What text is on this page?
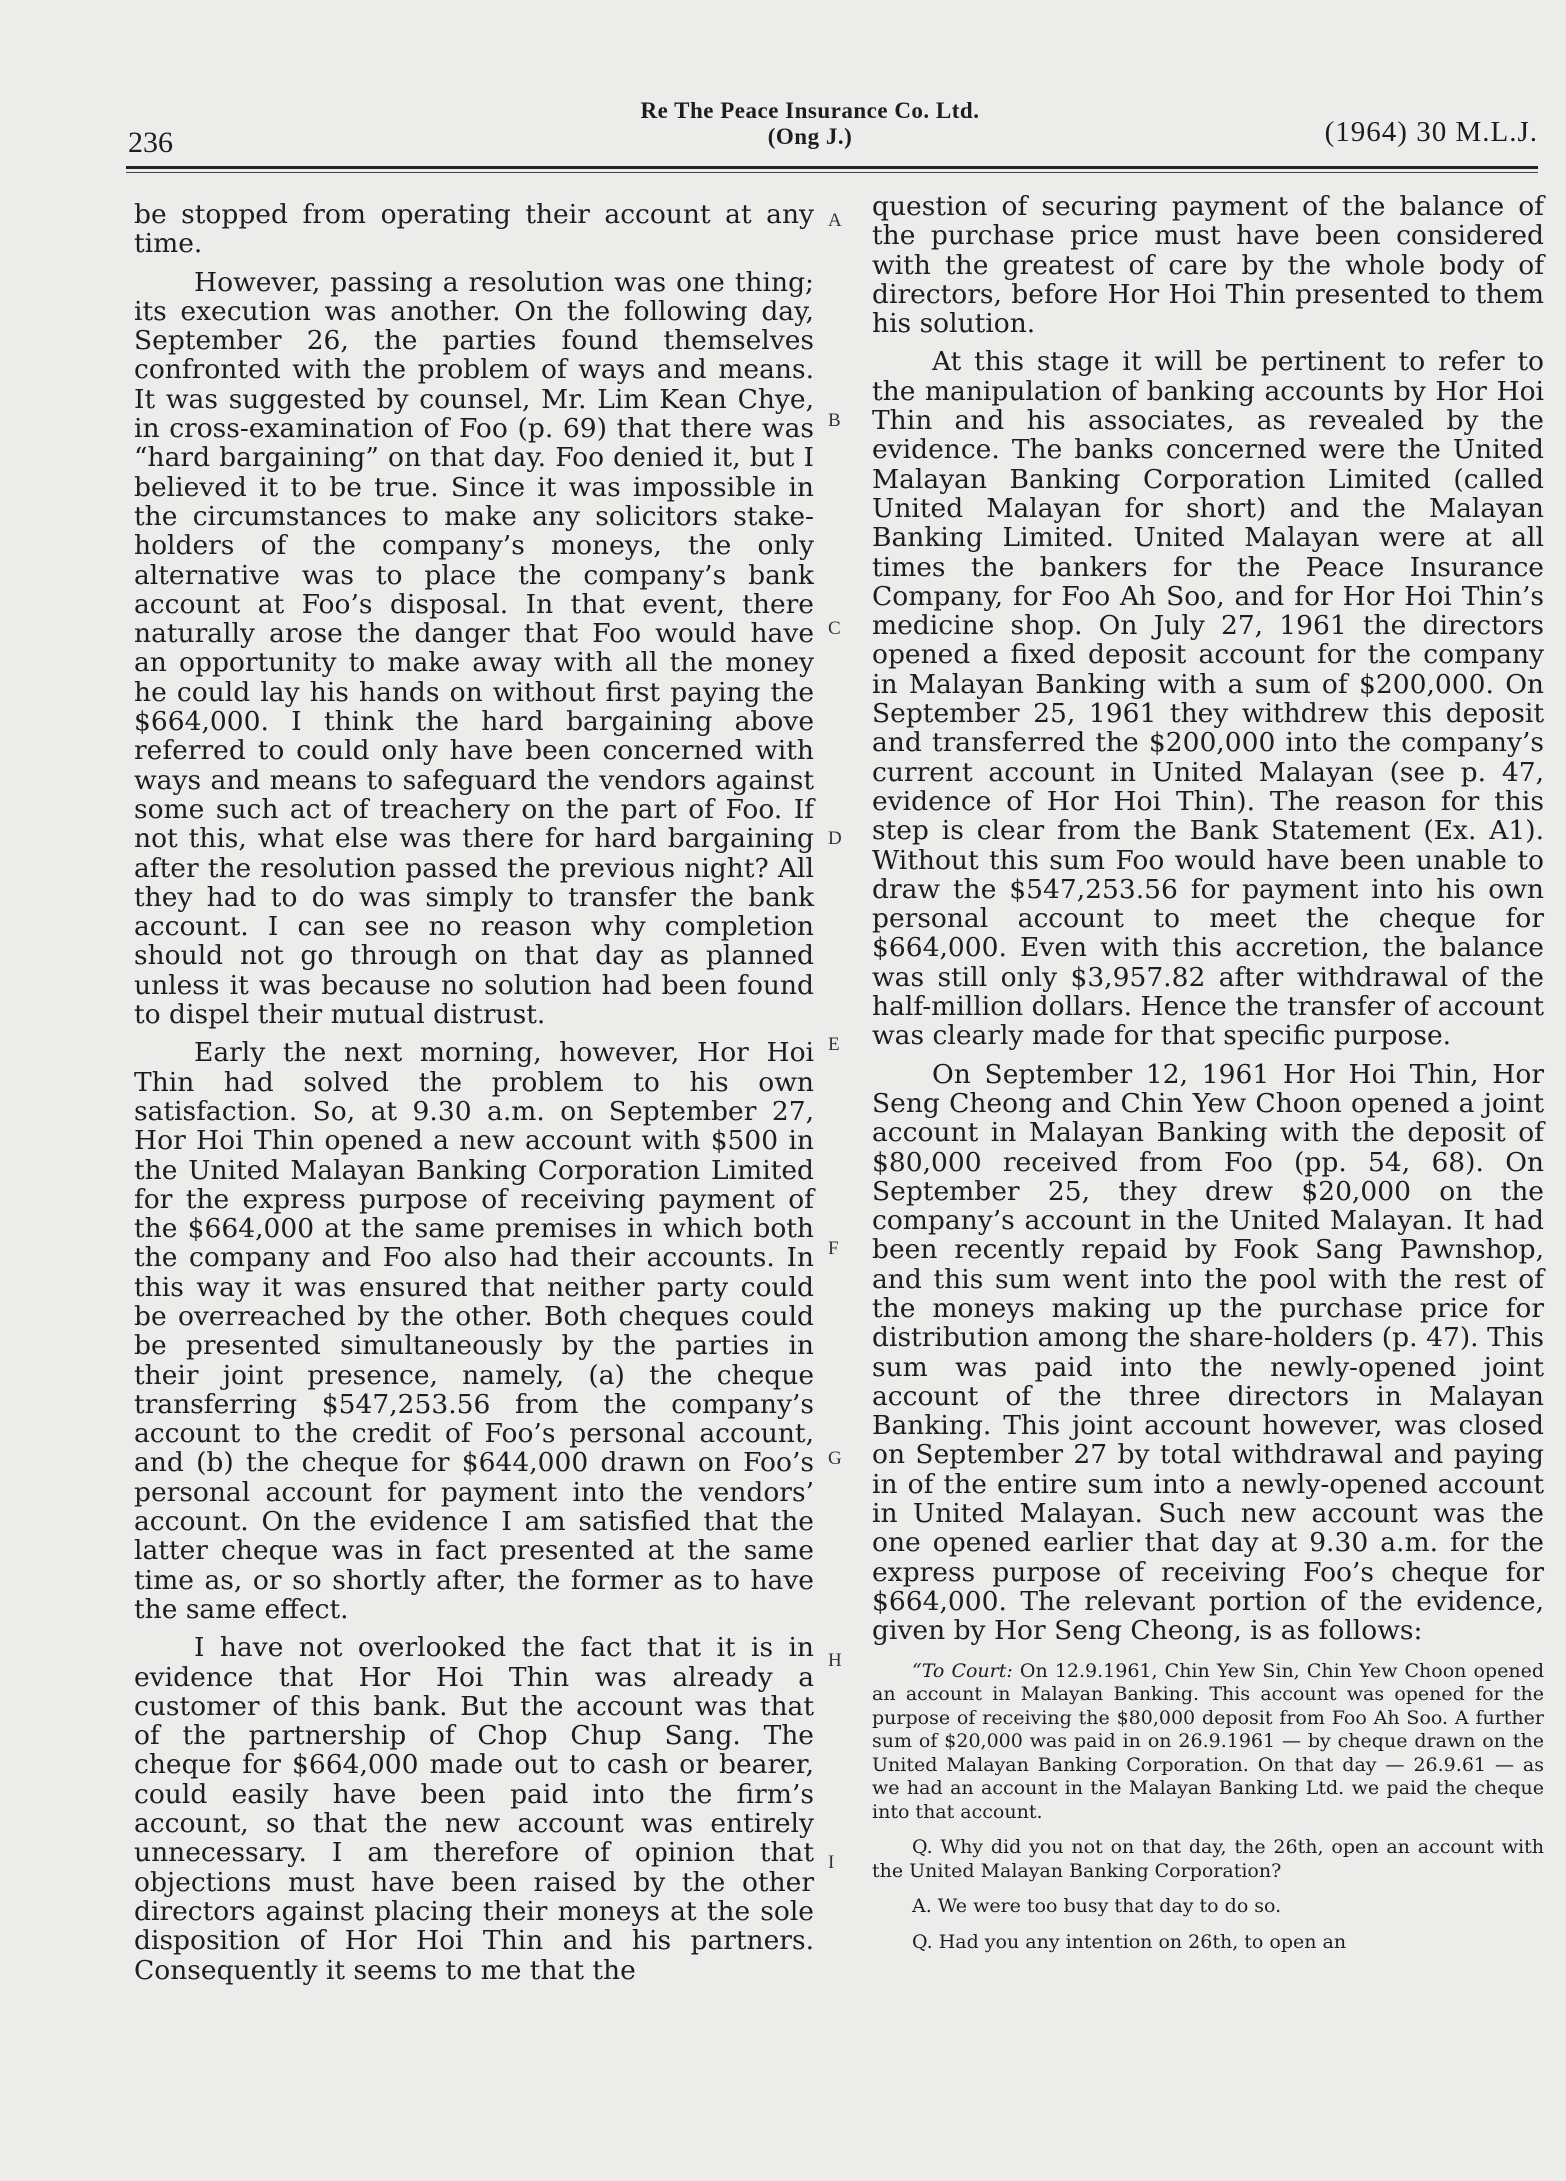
236
Re The Peace Insurance Co. Ltd.
(Ong J.)	(1964) 30 M.L.J.

be stopped from operating their account at any time.

However, passing a resolution was one thing; its execution was another. On the following day, September 26, the parties found themselves confronted with the problem of ways and means. It was suggested by counsel, Mr. Lim Kean Chye, in cross-examination of Foo (p. 69) that there was “hard bargaining” on that day. Foo denied it, but I believed it to be true. Since it was impossible in the circumstances to make any solicitors stake-holders of the company’s moneys, the only alternative was to place the company’s bank account at Foo’s disposal. In that event, there naturally arose the danger that Foo would have an opportunity to make away with all the money he could lay his hands on without first paying the $664,000. I think the hard bargaining above referred to could only have been concerned with ways and means to safeguard the vendors against some such act of treachery on the part of Foo. If not this, what else was there for hard bargaining after the resolution passed the previous night? All they had to do was simply to transfer the bank account. I can see no reason why completion should not go through on that day as planned unless it was because no solution had been found to dispel their mutual distrust.

Early the next morning, however, Hor Hoi Thin had solved the problem to his own satisfaction. So, at 9.30 a.m. on September 27, Hor Hoi Thin opened a new account with $500 in the United Malayan Banking Corporation Limited for the express purpose of receiving payment of the $664,000 at the same premises in which both the company and Foo also had their accounts. In this way it was ensured that neither party could be overreached by the other. Both cheques could be presented simultaneously by the parties in their joint presence, namely, (a) the cheque transferring $547,253.56 from the company’s account to the credit of Foo’s personal account, and (b) the cheque for $644,000 drawn on Foo’s personal account for payment into the vendors’ account. On the evidence I am satisfied that the latter cheque was in fact presented at the same time as, or so shortly after, the former as to have the same effect.

I have not overlooked the fact that it is in evidence that Hor Hoi Thin was already a customer of this bank. But the account was that of the partnership of Chop Chup Sang. The cheque for $664,000 made out to cash or bearer, could easily have been paid into the firm’s account, so that the new account was entirely unnecessary. I am therefore of opinion that objections must have been raised by the other directors against placing their moneys at the sole disposition of Hor Hoi Thin and his partners. Consequently it seems to me that the

A
B
C
D
E
F
G
H
I

question of securing payment of the balance of the purchase price must have been considered with the greatest of care by the whole body of directors, before Hor Hoi Thin presented to them his solution.

At this stage it will be pertinent to refer to the manipulation of banking accounts by Hor Hoi Thin and his associates, as revealed by the evidence. The banks concerned were the United Malayan Banking Corporation Limited (called United Malayan for short) and the Malayan Banking Limited. United Malayan were at all times the bankers for the Peace Insurance Company, for Foo Ah Soo, and for Hor Hoi Thin’s medicine shop. On July 27, 1961 the directors opened a fixed deposit account for the company in Malayan Banking with a sum of $200,000. On September 25, 1961 they withdrew this deposit and transferred the $200,000 into the company’s current account in United Malayan (see p. 47, evidence of Hor Hoi Thin). The reason for this step is clear from the Bank Statement (Ex. A1). Without this sum Foo would have been unable to draw the $547,253.56 for payment into his own personal account to meet the cheque for $664,000. Even with this accretion, the balance was still only $3,957.82 after withdrawal of the half-million dollars. Hence the transfer of account was clearly made for that specific purpose.

On September 12, 1961 Hor Hoi Thin, Hor Seng Cheong and Chin Yew Choon opened a joint account in Malayan Banking with the deposit of $80,000 received from Foo (pp. 54, 68). On September 25, they drew $20,000 on the company’s account in the United Malayan. It had been recently repaid by Fook Sang Pawnshop, and this sum went into the pool with the rest of the moneys making up the purchase price for distribution among the share-holders (p. 47). This sum was paid into the newly-opened joint account of the three directors in Malayan Banking. This joint account however, was closed on September 27 by total withdrawal and paying in of the entire sum into a newly-opened account in United Malayan. Such new account was the one opened earlier that day at 9.30 a.m. for the express purpose of receiving Foo’s cheque for $664,000. The relevant portion of the evidence, given by Hor Seng Cheong, is as follows:

“To Court: On 12.9.1961, Chin Yew Sin, Chin Yew Choon opened an account in Malayan Banking. This account was opened for the purpose of receiving the $80,000 deposit from Foo Ah Soo. A further sum of $20,000 was paid in on 26.9.1961 — by cheque drawn on the United Malayan Banking Corporation. On that day — 26.9.61 — as we had an account in the Malayan Banking Ltd. we paid the cheque into that account.

Q. Why did you not on that day, the 26th, open an account with the United Malayan Banking Corporation?

A. We were too busy that day to do so.

Q. Had you any intention on 26th, to open an
